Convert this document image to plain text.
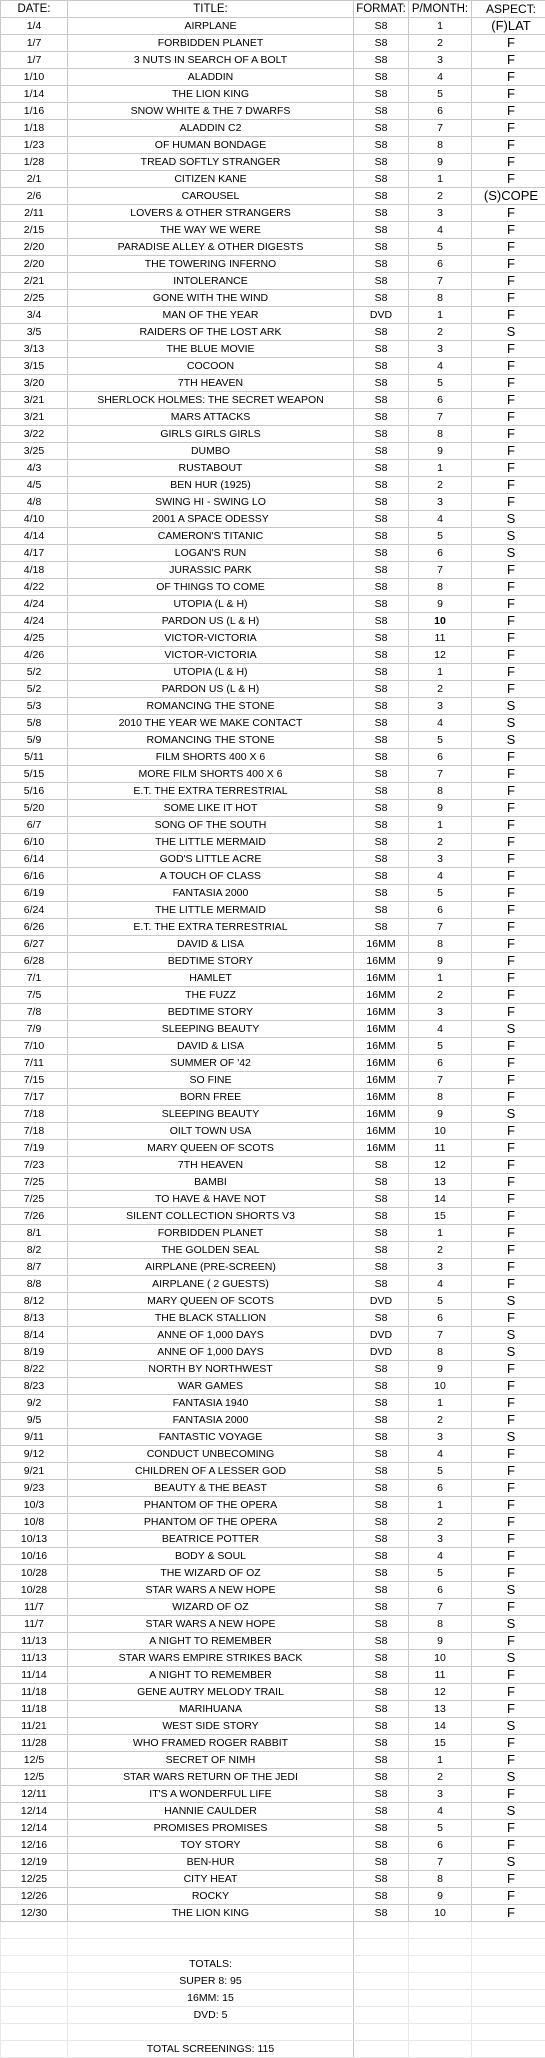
DATE:	TITLE:	FORMAT:	P/MONTH:	ASPECT:
1/4	AIRPLANE	S8	1	(F)LAT
1/7	FORBIDDEN PLANET	S8	2	F
1/7	3 NUTS IN SEARCH OF A BOLT	S8	3	F
1/10	ALADDIN	S8	4	F
1/14	THE LION KING	S8	5	F
1/16	SNOW WHITE & THE 7 DWARFS	S8	6	F
1/18	ALADDIN C2	S8	7	F
1/23	OF HUMAN BONDAGE	S8	8	F
1/28	TREAD SOFTLY STRANGER	S8	9	F
2/1	CITIZEN KANE	S8	1	F
2/6	CAROUSEL	S8	2	(S)COPE
2/11	LOVERS & OTHER STRANGERS	S8	3	F
2/15	THE WAY WE WERE	S8	4	F
2/20	PARADISE ALLEY & OTHER DIGESTS	S8	5	F
2/20	THE TOWERING INFERNO	S8	6	F
2/21	INTOLERANCE	S8	7	F
2/25	GONE WITH THE WIND	S8	8	F
3/4	MAN OF THE YEAR	DVD	1	F
3/5	RAIDERS OF THE LOST ARK	S8	2	S
3/13	THE BLUE MOVIE	S8	3	F
3/15	COCOON	S8	4	F
3/20	7TH HEAVEN	S8	5	F
3/21	SHERLOCK HOLMES: THE SECRET WEAPON	S8	6	F
3/21	MARS ATTACKS	S8	7	F
3/22	GIRLS GIRLS GIRLS	S8	8	F
3/25	DUMBO	S8	9	F
4/3	RUSTABOUT	S8	1	F
4/5	BEN HUR (1925)	S8	2	F
4/8	SWING HI - SWING LO	S8	3	F
4/10	2001 A SPACE ODESSY	S8	4	S
4/14	CAMERON'S TITANIC	S8	5	S
4/17	LOGAN'S RUN	S8	6	S
4/18	JURASSIC PARK	S8	7	F
4/22	OF THINGS TO COME	S8	8	F
4/24	UTOPIA (L & H)	S8	9	F
4/24	PARDON US (L & H)	S8	10	F
4/25	VICTOR-VICTORIA	S8	11	F
4/26	VICTOR-VICTORIA	S8	12	F
5/2	UTOPIA (L & H)	S8	1	F
5/2	PARDON US (L & H)	S8	2	F
5/3	ROMANCING THE STONE	S8	3	S
5/8	2010 THE YEAR WE MAKE CONTACT	S8	4	S
5/9	ROMANCING THE STONE	S8	5	S
5/11	FILM SHORTS 400 X 6	S8	6	F
5/15	MORE FILM SHORTS 400 X 6	S8	7	F
5/16	E.T. THE EXTRA TERRESTRIAL	S8	8	F
5/20	SOME LIKE IT HOT	S8	9	F
6/7	SONG OF THE SOUTH	S8	1	F
6/10	THE LITTLE MERMAID	S8	2	F
6/14	GOD'S LITTLE ACRE	S8	3	F
6/16	A TOUCH OF CLASS	S8	4	F
6/19	FANTASIA 2000	S8	5	F
6/24	THE LITTLE MERMAID	S8	6	F
6/26	E.T. THE EXTRA TERRESTRIAL	S8	7	F
6/27	DAVID & LISA	16MM	8	F
6/28	BEDTIME STORY	16MM	9	F
7/1	HAMLET	16MM	1	F
7/5	THE FUZZ	16MM	2	F
7/8	BEDTIME STORY	16MM	3	F
7/9	SLEEPING BEAUTY	16MM	4	S
7/10	DAVID & LISA	16MM	5	F
7/11	SUMMER OF '42	16MM	6	F
7/15	SO FINE	16MM	7	F
7/17	BORN FREE	16MM	8	F
7/18	SLEEPING BEAUTY	16MM	9	S
7/18	OILT TOWN USA	16MM	10	F
7/19	MARY QUEEN OF SCOTS	16MM	11	F
7/23	7TH HEAVEN	S8	12	F
7/25	BAMBI	S8	13	F
7/25	TO HAVE & HAVE NOT	S8	14	F
7/26	SILENT COLLECTION SHORTS V3	S8	15	F
8/1	FORBIDDEN PLANET	S8	1	F
8/2	THE GOLDEN SEAL	S8	2	F
8/7	AIRPLANE (PRE-SCREEN)	S8	3	F
8/8	AIRPLANE ( 2 GUESTS)	S8	4	F
8/12	MARY QUEEN OF SCOTS	DVD	5	S
8/13	THE BLACK STALLION	S8	6	F
8/14	ANNE OF 1,000 DAYS	DVD	7	S
8/19	ANNE OF 1,000 DAYS	DVD	8	S
8/22	NORTH BY NORTHWEST	S8	9	F
8/23	WAR GAMES	S8	10	F
9/2	FANTASIA 1940	S8	1	F
9/5	FANTASIA 2000	S8	2	F
9/11	FANTASTIC VOYAGE	S8	3	S
9/12	CONDUCT UNBECOMING	S8	4	F
9/21	CHILDREN OF A LESSER GOD	S8	5	F
9/23	BEAUTY & THE BEAST	S8	6	F
10/3	PHANTOM OF THE OPERA	S8	1	F
10/8	PHANTOM OF THE OPERA	S8	2	F
10/13	BEATRICE POTTER	S8	3	F
10/16	BODY & SOUL	S8	4	F
10/28	THE WIZARD OF OZ	S8	5	F
10/28	STAR WARS A NEW HOPE	S8	6	S
11/7	WIZARD OF OZ	S8	7	F
11/7	STAR WARS A NEW HOPE	S8	8	S
11/13	A NIGHT TO REMEMBER	S8	9	F
11/13	STAR WARS EMPIRE STRIKES BACK	S8	10	S
11/14	A NIGHT TO REMEMBER	S8	11	F
11/18	GENE AUTRY MELODY TRAIL	S8	12	F
11/18	MARIHUANA	S8	13	F
11/21	WEST SIDE STORY	S8	14	S
11/28	WHO FRAMED ROGER RABBIT	S8	15	F
12/5	SECRET OF NIMH	S8	1	F
12/5	STAR WARS RETURN OF THE JEDI	S8	2	S
12/11	IT'S A WONDERFUL LIFE	S8	3	F
12/14	HANNIE CAULDER	S8	4	S
12/14	PROMISES PROMISES	S8	5	F
12/16	TOY STORY	S8	6	F
12/19	BEN-HUR	S8	7	S
12/25	CITY HEAT	S8	8	F
12/26	ROCKY	S8	9	F
12/30	THE LION KING	S8	10	F

	TOTALS:			
	SUPER 8: 95			
	16MM: 15			
	DVD: 5			

	TOTAL SCREENINGS: 115			
